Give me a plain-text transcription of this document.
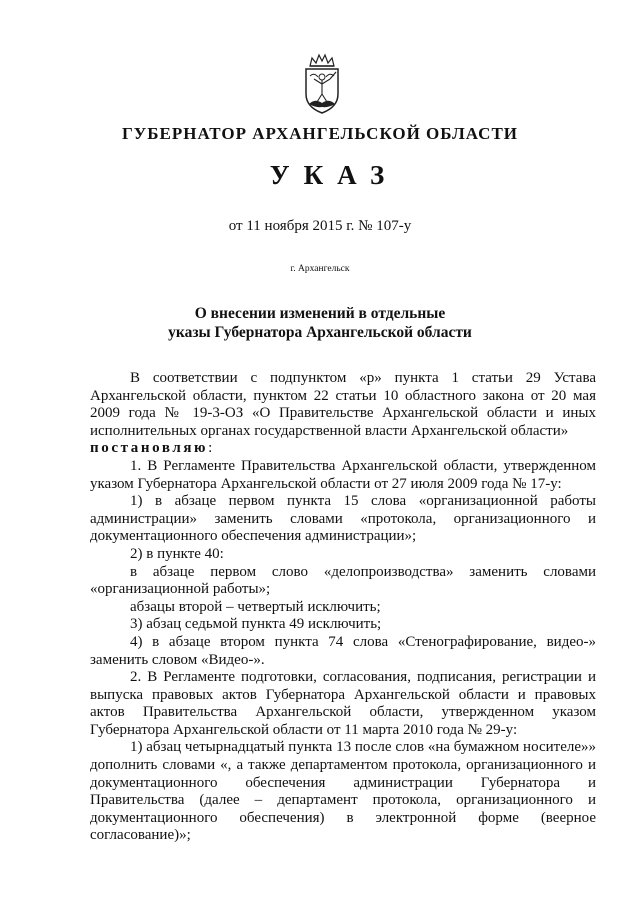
ГУБЕРНАТОР АРХАНГЕЛЬСКОЙ ОБЛАСТИ
УКАЗ
от 11 ноября 2015 г. № 107-у
г. Архангельск
О внесении изменений в отдельные
указы Губернатора Архангельской области

В соответствии с подпунктом «р» пункта 1 статьи 29 Устава Архангельской области, пунктом 22 статьи 10 областного закона от 20 мая 2009 года № 19-3-ОЗ «О Правительстве Архангельской области и иных исполнительных органах государственной власти Архангельской области»

постановляю:

1. В Регламенте Правительства Архангельской области, утвержденном указом Губернатора Архангельской области от 27 июля 2009 года № 17-у:

1) в абзаце первом пункта 15 слова «организационной работы администрации» заменить словами «протокола, организационного и документационного обеспечения администрации»;

2) в пункте 40:

в абзаце первом слово «делопроизводства» заменить словами «организационной работы»;

абзацы второй – четвертый исключить;

3) абзац седьмой пункта 49 исключить;

4) в абзаце втором пункта 74 слова «Стенографирование, видео-» заменить словом «Видео-».

2. В Регламенте подготовки, согласования, подписания, регистрации и выпуска правовых актов Губернатора Архангельской области и правовых актов Правительства Архангельской области, утвержденном указом Губернатора Архангельской области от 11 марта 2010 года № 29-у:

1) абзац четырнадцатый пункта 13 после слов «на бумажном носителе»» дополнить словами «, а также департаментом протокола, организационного и документационного обеспечения администрации Губернатора и Правительства (далее – департамент протокола, организационного и документационного обеспечения) в электронной форме (веерное согласование)»;
